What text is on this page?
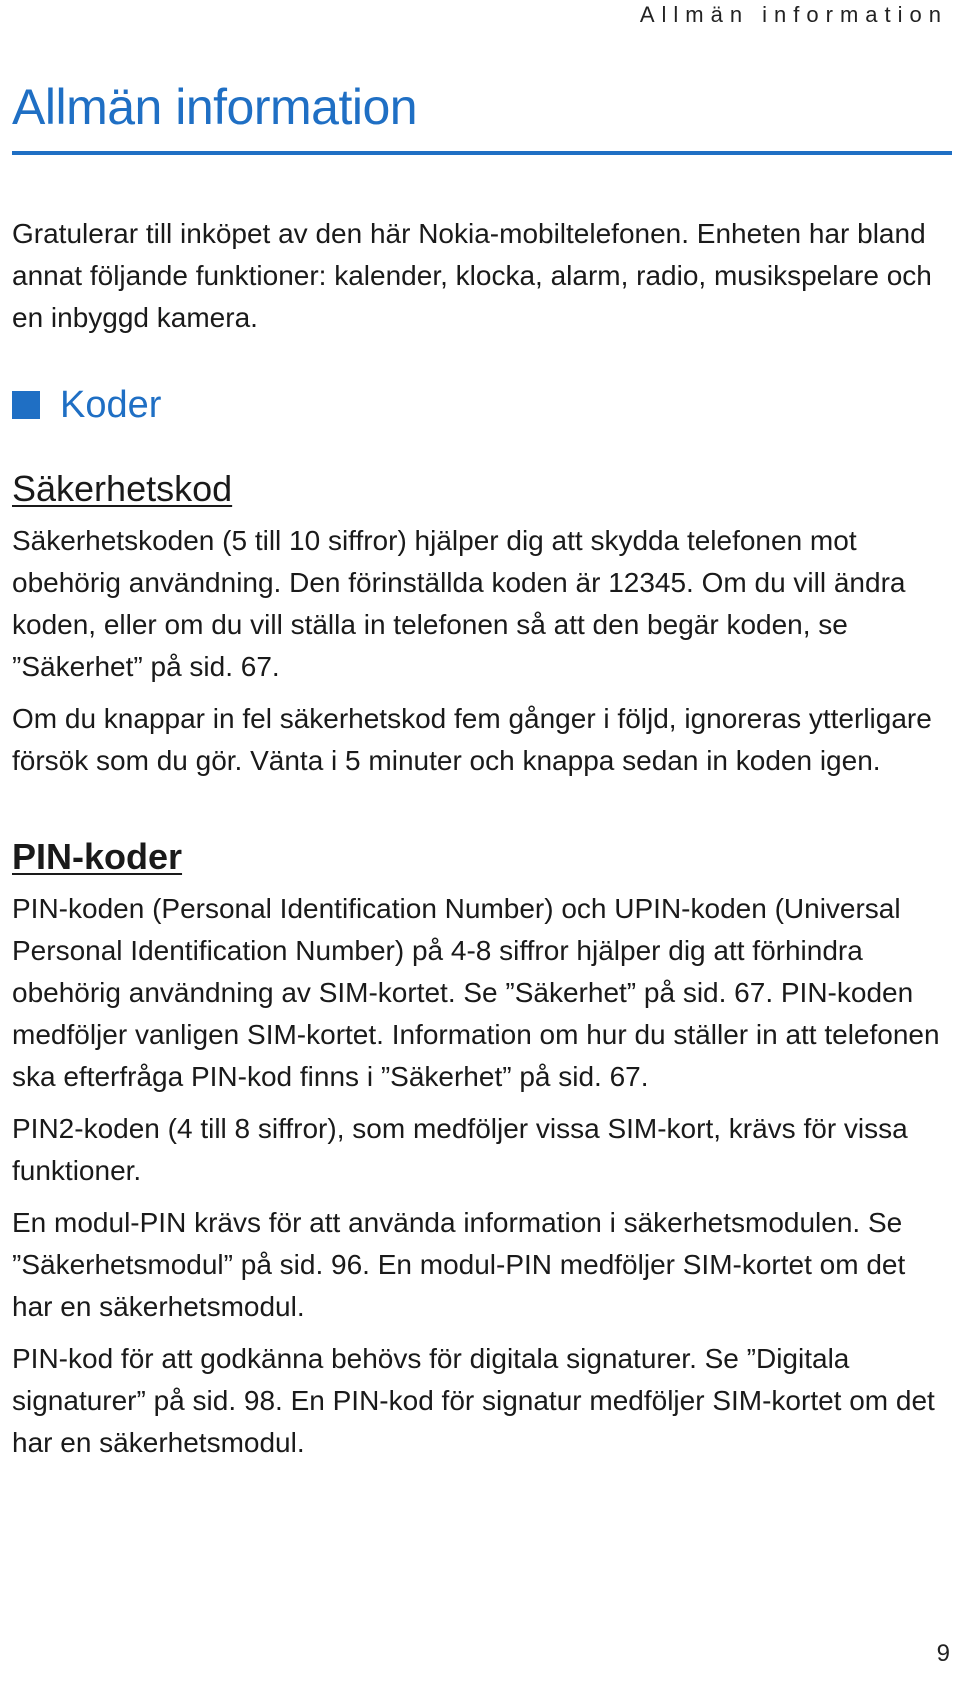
Allmän information
Allmän information

Gratulerar till inköpet av den här Nokia-mobiltelefonen. Enheten har bland annat följande funktioner: kalender, klocka, alarm, radio, musikspelare och en inbyggd kamera.

Koder
Säkerhetskod

Säkerhetskoden (5 till 10 siffror) hjälper dig att skydda telefonen mot obehörig användning. Den förinställda koden är 12345. Om du vill ändra koden, eller om du vill ställa in telefonen så att den begär koden, se ”Säkerhet” på sid. 67.

Om du knappar in fel säkerhetskod fem gånger i följd, ignoreras ytterligare försök som du gör. Vänta i 5 minuter och knappa sedan in koden igen.

PIN-koder

PIN-koden (Personal Identification Number) och UPIN-koden (Universal Personal Identification Number) på 4-8 siffror hjälper dig att förhindra obehörig användning av SIM-kortet. Se ”Säkerhet” på sid. 67. PIN-koden medföljer vanligen SIM-kortet. Information om hur du ställer in att telefonen ska efterfråga PIN-kod finns i ”Säkerhet” på sid. 67.

PIN2-koden (4 till 8 siffror), som medföljer vissa SIM-kort, krävs för vissa funktioner.

En modul-PIN krävs för att använda information i säkerhetsmodulen. Se ”Säkerhetsmodul” på sid. 96. En modul-PIN medföljer SIM-kortet om det har en säkerhetsmodul.

PIN-kod för att godkänna behövs för digitala signaturer. Se ”Digitala signaturer” på sid. 98. En PIN-kod för signatur medföljer SIM-kortet om det har en säkerhetsmodul.

9
